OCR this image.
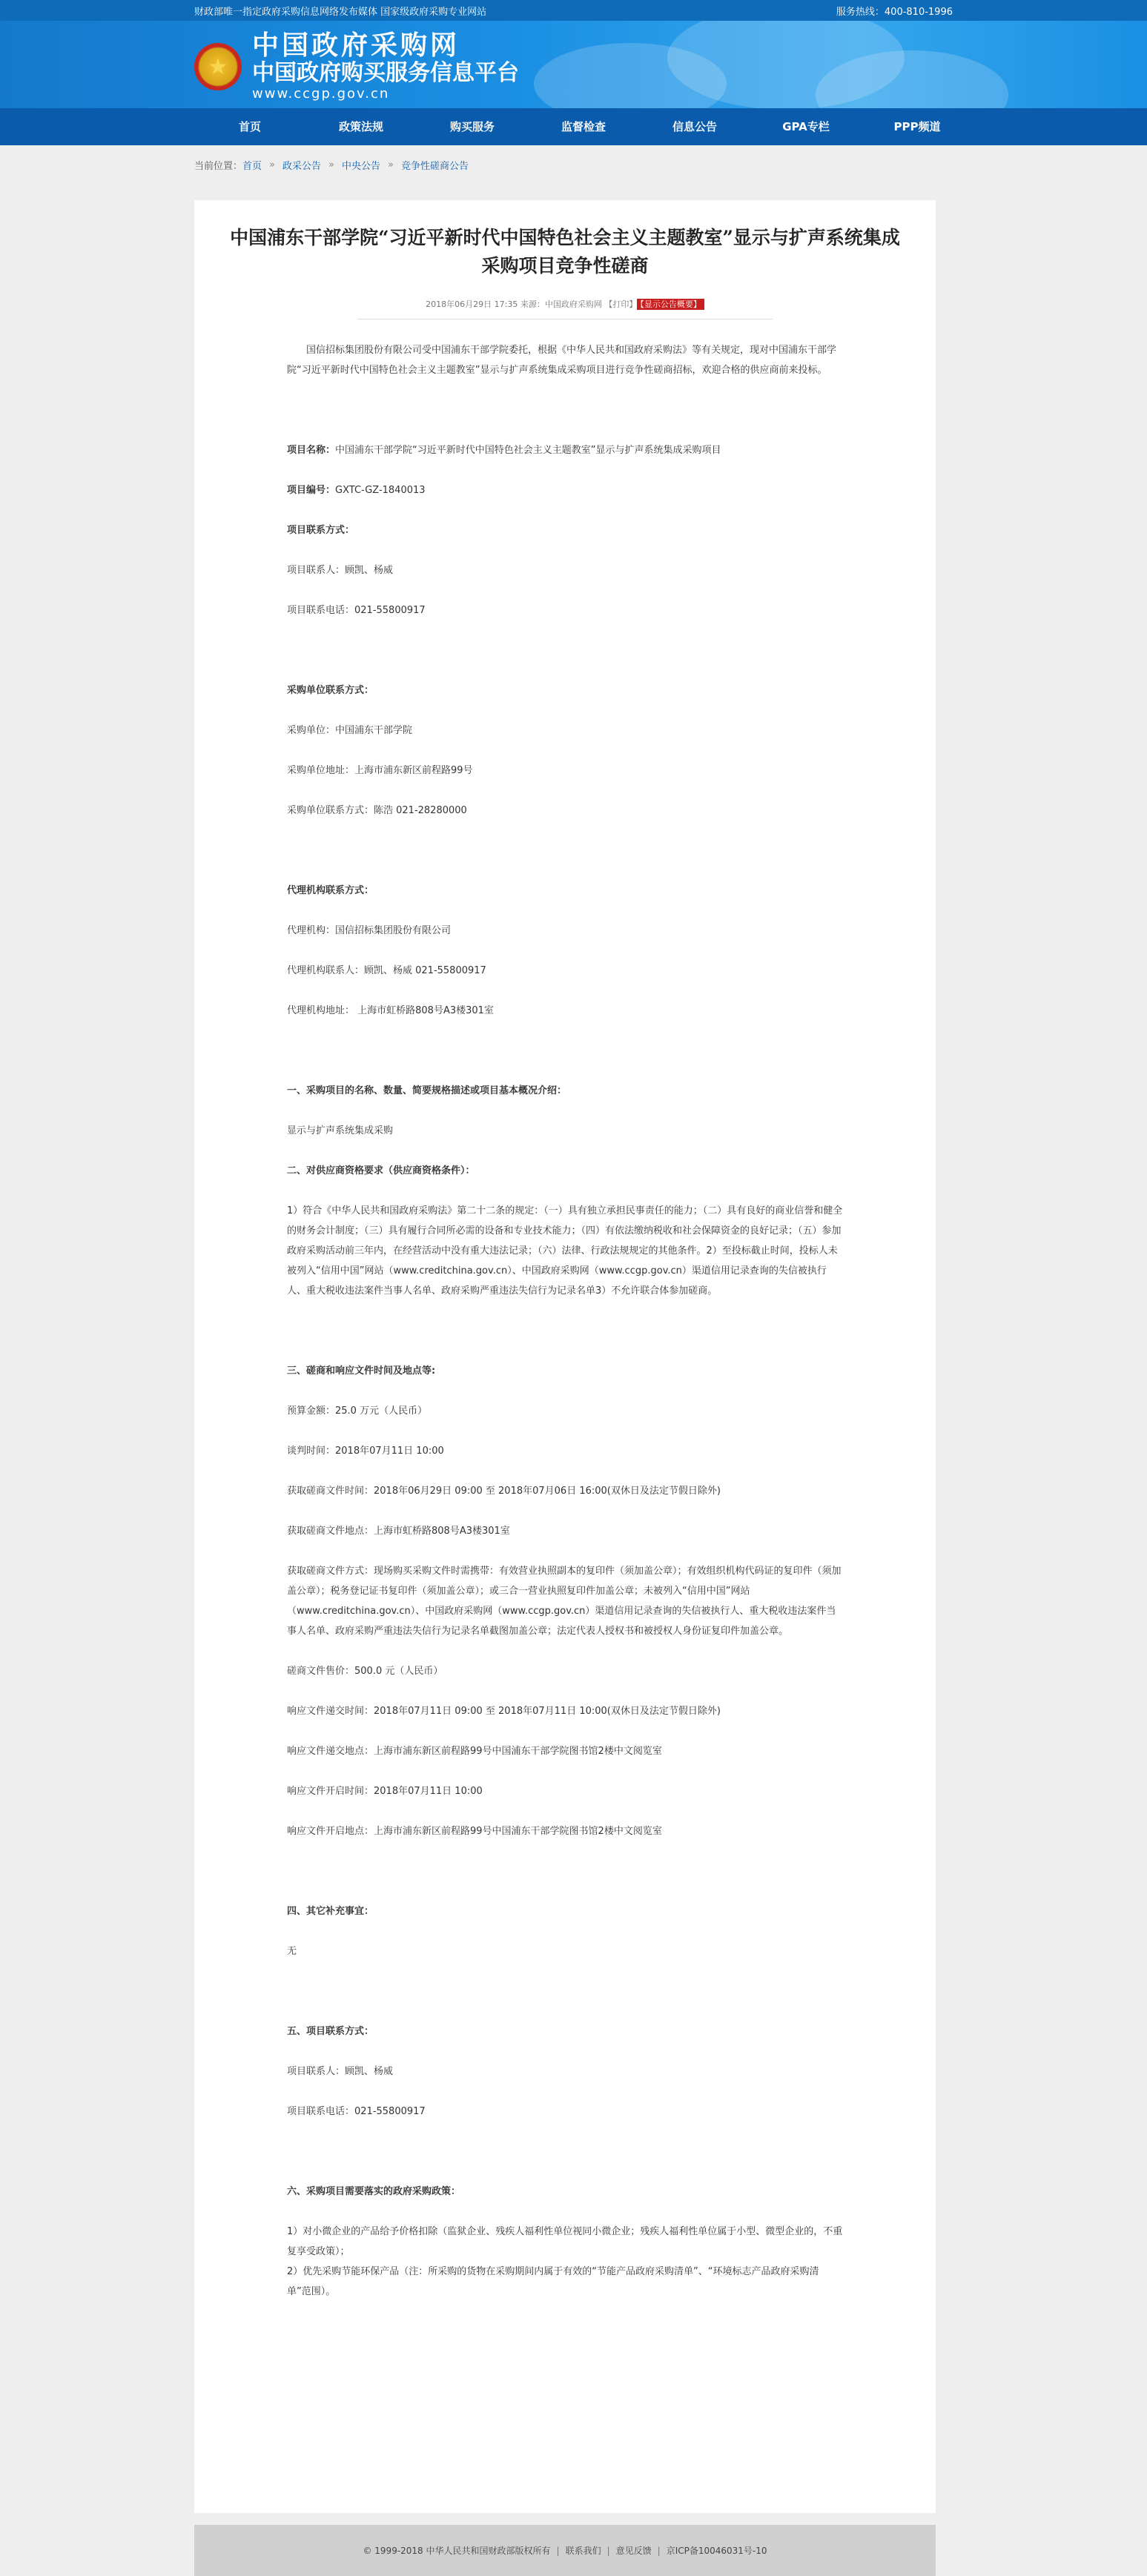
财政部唯一指定政府采购信息网络发布媒体 国家级政府采购专业网站	服务热线：400-810-1996
★
中国政府采购网
中国政府购买服务信息平台
www.ccgp.gov.cn
首页	政策法规	购买服务	监督检查	信息公告	GPA专栏	PPP频道
当前位置： 首页 » 政采公告 » 中央公告 » 竞争性磋商公告
中国浦东干部学院“习近平新时代中国特色社会主义主题教室”显示与扩声系统集成采购项目竞争性磋商
2018年06月29日 17:35 来源：中国政府采购网 【打印】 【显示公告概要】

国信招标集团股份有限公司受中国浦东干部学院委托，根据《中华人民共和国政府采购法》等有关规定，现对中国浦东干部学院“习近平新时代中国特色社会主义主题教室”显示与扩声系统集成采购项目进行竞争性磋商招标，欢迎合格的供应商前来投标。

项目名称：中国浦东干部学院“习近平新时代中国特色社会主义主题教室”显示与扩声系统集成采购项目

项目编号：GXTC-GZ-1840013

项目联系方式：

项目联系人：顾凯、杨威

项目联系电话：021-55800917

采购单位联系方式：

采购单位：中国浦东干部学院

采购单位地址：上海市浦东新区前程路99号

采购单位联系方式：陈浩 021-28280000

代理机构联系方式：

代理机构：国信招标集团股份有限公司

代理机构联系人：顾凯、杨威 021-55800917

代理机构地址： 上海市虹桥路808号A3楼301室

一、采购项目的名称、数量、简要规格描述或项目基本概况介绍：

显示与扩声系统集成采购

二、对供应商资格要求（供应商资格条件）：

1）符合《中华人民共和国政府采购法》第二十二条的规定：（一）具有独立承担民事责任的能力；（二）具有良好的商业信誉和健全的财务会计制度；（三）具有履行合同所必需的设备和专业技术能力；（四）有依法缴纳税收和社会保障资金的良好记录；（五）参加政府采购活动前三年内，在经营活动中没有重大违法记录；（六）法律、行政法规规定的其他条件。2）至投标截止时间，投标人未被列入“信用中国”网站（www.creditchina.gov.cn）、中国政府采购网（www.ccgp.gov.cn）渠道信用记录查询的失信被执行人、重大税收违法案件当事人名单、政府采购严重违法失信行为记录名单3）不允许联合体参加磋商。

三、磋商和响应文件时间及地点等:

预算金额：25.0 万元（人民币）

谈判时间：2018年07月11日 10:00

获取磋商文件时间：2018年06月29日 09:00 至 2018年07月06日 16:00(双休日及法定节假日除外)

获取磋商文件地点：上海市虹桥路808号A3楼301室

获取磋商文件方式：现场购买采购文件时需携带：有效营业执照副本的复印件（须加盖公章）；有效组织机构代码证的复印件（须加盖公章）；税务登记证书复印件（须加盖公章）；或三合一营业执照复印件加盖公章；未被列入“信用中国”网站（www.creditchina.gov.cn）、中国政府采购网（www.ccgp.gov.cn）渠道信用记录查询的失信被执行人、重大税收违法案件当事人名单、政府采购严重违法失信行为记录名单截图加盖公章；法定代表人授权书和被授权人身份证复印件加盖公章。

磋商文件售价：500.0 元（人民币）

响应文件递交时间：2018年07月11日 09:00 至 2018年07月11日 10:00(双休日及法定节假日除外)

响应文件递交地点：上海市浦东新区前程路99号中国浦东干部学院图书馆2楼中文阅览室

响应文件开启时间：2018年07月11日 10:00

响应文件开启地点：上海市浦东新区前程路99号中国浦东干部学院图书馆2楼中文阅览室

四、其它补充事宜：

无

五、项目联系方式：

项目联系人：顾凯、杨威

项目联系电话：021-55800917

六、采购项目需要落实的政府采购政策：

1）对小微企业的产品给予价格扣除（监狱企业、残疾人福利性单位视同小微企业；残疾人福利性单位属于小型、微型企业的，不重复享受政策）；

2）优先采购节能环保产品（注：所采购的货物在采购期间内属于有效的“节能产品政府采购清单”、“环境标志产品政府采购清单”范围）。

© 1999-2018 中华人民共和国财政部版权所有 | 联系我们 | 意见反馈 | 京ICP备10046031号-10
